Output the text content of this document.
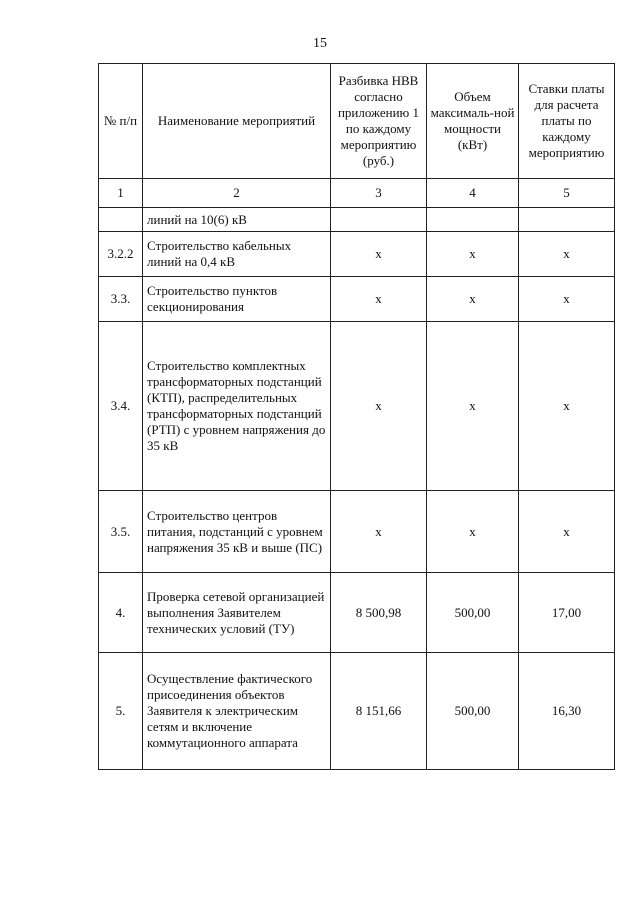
15
№ п/п	Наименование мероприятий	Разбивка НВВ согласно приложению 1 по каждому мероприятию (руб.)	Объем максималь-ной мощности (кВт)	Ставки платы для расчета платы по каждому мероприятию
1	2	3	4	5
	линий на 10(6) кВ			
3.2.2	Строительство кабельных линий на 0,4 кВ	х	х	х
3.3.	Строительство пунктов секционирования	х	х	х
3.4.	Строительство комплектных трансформаторных подстанций (КТП), распределительных трансформаторных подстанций (РТП) с уровнем напряжения до 35 кВ	х	х	х
3.5.	Строительство центров питания, подстанций с уровнем напряжения 35 кВ и выше (ПС)	х	х	х
4.	Проверка сетевой организацией выполнения Заявителем технических условий (ТУ)	8 500,98	500,00	17,00
5.	Осуществление фактического присоединения объектов Заявителя к электрическим сетям и включение коммутационного аппарата	8 151,66	500,00	16,30
